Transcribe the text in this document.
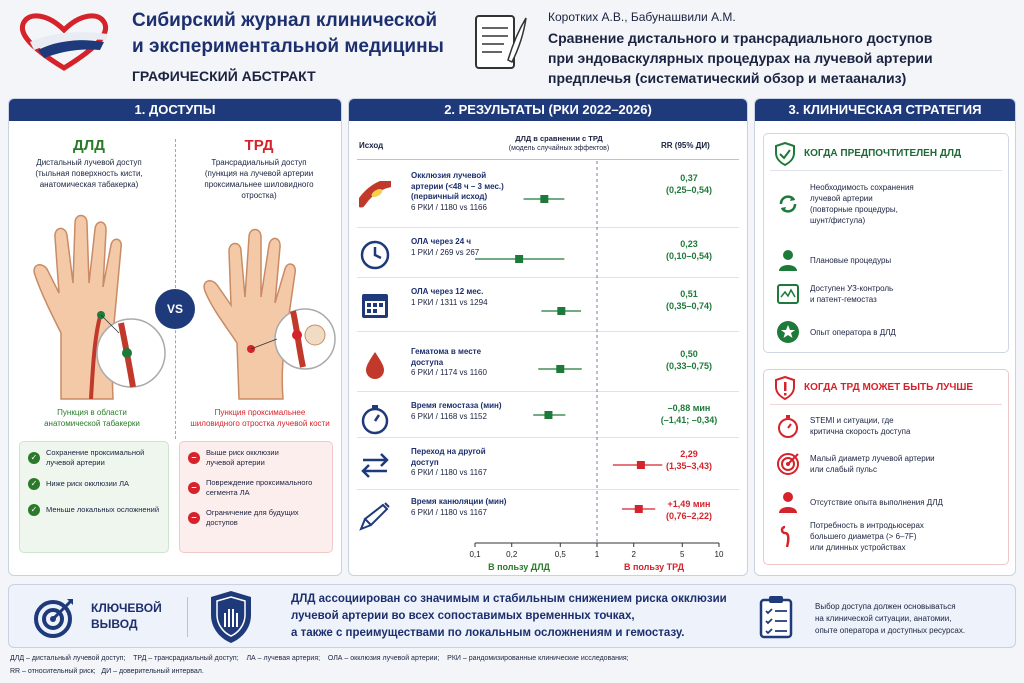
Сибирский журнал клинической
и экспериментальной медицины
ГРАФИЧЕСКИЙ АБСТРАКТ
Коротких А.В., Бабунашвили А.М.
Сравнение дистального и трансрадиального доступов
при эндоваскулярных процедурах на лучевой артерии
предплечья (систематический обзор и метаанализ)
1. ДОСТУПЫ
ДЛД
Дистальный лучевой доступ
(тыльная поверхность кисти,
анатомическая табакерка)
ТРД
Трансрадиальный доступ
(пункция на лучевой артерии
проксимальнее шиловидного
отростка)
VS
Пункция в области
анатомической табакерки
Пункция проксимальнее
шиловидного отростка лучевой кости
✓
Сохранение проксимальной
лучевой артерии
✓	Ниже риск окклюзии ЛА
✓	Меньше локальных осложнений
–	Выше риск окклюзии
лучевой артерии
–	Повреждение проксимального
сегмента ЛА
–	Ограничение для будущих
доступов
2. РЕЗУЛЬТАТЫ (РКИ 2022–2026)
Исход
ДЛД в сравнении с ТРД
(модель случайных эффектов)	RR (95% ДИ)
Окклюзия лучевой
артерии (<48 ч – 3 мес.)
(первичный исход)
6 РКИ / 1180 vs 1166
0,37
(0,25–0,54)
ОЛА через 24 ч
1 РКИ / 269 vs 267
0,23
(0,10–0,54)
ОЛА через 12 мес.
1 РКИ / 1311 vs 1294
0,51
(0,35–0,74)
Гематома в месте
доступа
6 РКИ / 1174 vs 1160
0,50
(0,33–0,75)
Время гемостаза (мин)
6 РКИ / 1168 vs 1152
–0,88 мин
(–1,41; –0,34)
Переход на другой
доступ
6 РКИ / 1180 vs 1167
2,29
(1,35–3,43)
Время канюляции (мин)
6 РКИ / 1180 vs 1167
+1,49 мин
(0,76–2,22)
0,1	0,2	0,5	1	2	5	10
В пользу ДЛД	В пользу ТРД
3. КЛИНИЧЕСКАЯ СТРАТЕГИЯ
КОГДА ПРЕДПОЧТИТЕЛЕН ДЛД
Необходимость сохранения
лучевой артерии
(повторные процедуры,
шунт/фистула)
Плановые процедуры
Доступен УЗ-контроль
и патент-гемостаз
Опыт оператора в ДЛД
КОГДА ТРД МОЖЕТ БЫТЬ ЛУЧШЕ
STEMI и ситуации, где
критична скорость доступа
Малый диаметр лучевой артерии
или слабый пульс
Отсутствие опыта выполнения ДЛД
Потребность в интродьюсерах
большего диаметра (> 6–7F)
или длинных устройствах
КЛЮЧЕВОЙ
ВЫВОД
ДЛД ассоциирован со значимым и стабильным снижением риска окклюзии
лучевой артерии во всех сопоставимых временных точках,
а также с преимуществами по локальным осложнениям и гемостазу.
Выбор доступа должен основываться
на клинической ситуации, анатомии,
опыте оператора и доступных ресурсах.
ДЛД – дистальный лучевой доступ;    ТРД – трансрадиальный доступ;    ЛА – лучевая артерия;    ОЛА – окклюзия лучевой артерии;    РКИ – рандомизированные клинические исследования;
RR – относительный риск;   ДИ – доверительный интервал.
